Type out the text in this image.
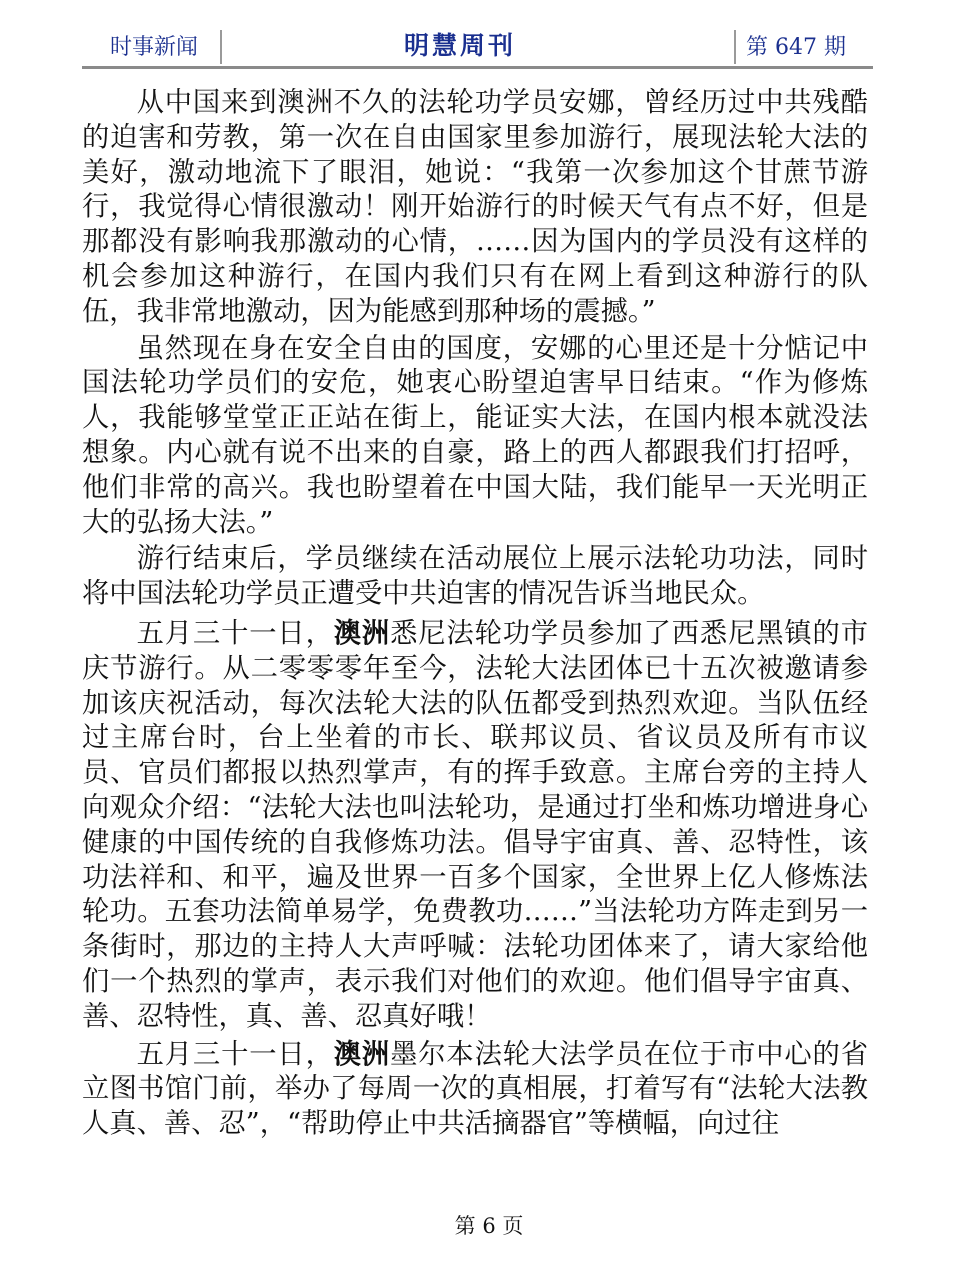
时事新闻	明慧周刊	第 647 期

从中国来到澳洲不久的法轮功学员安娜，曾经历过中共残酷的迫害和劳教，第一次在自由国家里参加游行，展现法轮大法的美好，激动地流下了眼泪，她说：“我第一次参加这个甘蔗节游行，我觉得心情很激动！刚开始游行的时候天气有点不好，但是那都没有影响我那激动的心情，……因为国内的学员没有这样的机会参加这种游行，在国内我们只有在网上看到这种游行的队伍，我非常地激动，因为能感到那种场的震撼。”

虽然现在身在安全自由的国度，安娜的心里还是十分惦记中国法轮功学员们的安危，她衷心盼望迫害早日结束。“作为修炼人，我能够堂堂正正站在街上，能证实大法，在国内根本就没法想象。内心就有说不出来的自豪，路上的西人都跟我们打招呼，他们非常的高兴。我也盼望着在中国大陆，我们能早一天光明正大的弘扬大法。”

游行结束后，学员继续在活动展位上展示法轮功功法，同时将中国法轮功学员正遭受中共迫害的情况告诉当地民众。

五月三十一日，澳洲悉尼法轮功学员参加了西悉尼黑镇的市庆节游行。从二零零零年至今，法轮大法团体已十五次被邀请参加该庆祝活动，每次法轮大法的队伍都受到热烈欢迎。当队伍经过主席台时，台上坐着的市长、联邦议员、省议员及所有市议员、官员们都报以热烈掌声，有的挥手致意。主席台旁的主持人向观众介绍：“法轮大法也叫法轮功，是通过打坐和炼功增进身心健康的中国传统的自我修炼功法。倡导宇宙真、善、忍特性，该功法祥和、和平，遍及世界一百多个国家，全世界上亿人修炼法轮功。五套功法简单易学，免费教功……”当法轮功方阵走到另一条街时，那边的主持人大声呼喊：法轮功团体来了，请大家给他们一个热烈的掌声，表示我们对他们的欢迎。他们倡导宇宙真、善、忍特性，真、善、忍真好哦！

五月三十一日，澳洲墨尔本法轮大法学员在位于市中心的省立图书馆门前，举办了每周一次的真相展，打着写有“法轮大法教人真、善、忍”，“帮助停止中共活摘器官”等横幅，向过往

第 6 页
